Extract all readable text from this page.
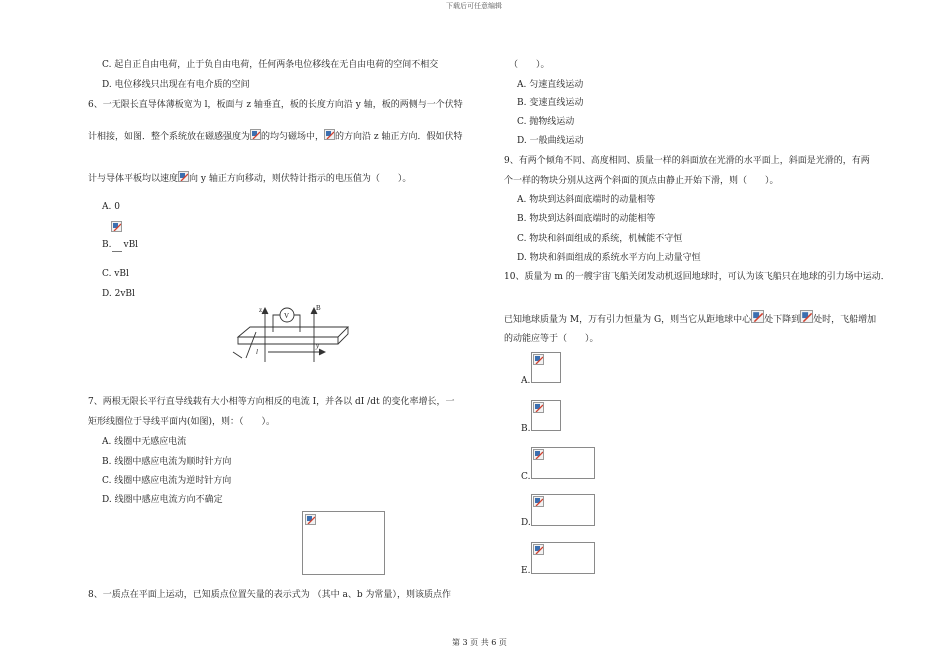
下载后可任意编辑
第 3 页 共 6 页
C. 起自正自由电荷，止于负自由电荷，任何两条电位移线在无自由电荷的空间不相交
D. 电位移线只出现在有电介质的空间
6、一无限长直导体薄板宽为 l，板面与 z 轴垂直，板的长度方向沿 y 轴，板的两侧与一个伏特
计相接，如图．整个系统放在磁感强度为 的均匀磁场中， 的方向沿 z 轴正方向．假如伏特
计与导体平板均以速度 向 y 轴正方向移动，则伏特计指示的电压值为（　　）。
A. 0
B. vBl
C. vBl
D. 2vBl
z	B
V
l
y
7、两根无限长平行直导线载有大小相等方向相反的电流 I，并各以 dI /dt 的变化率增长，一
矩形线圈位于导线平面内(如图)，则：（　　）。
A. 线圈中无感应电流
B. 线圈中感应电流为顺时针方向
C. 线圈中感应电流为逆时针方向
D. 线圈中感应电流方向不确定
8、一质点在平面上运动，已知质点位置矢量的表示式为 （其中 a、b 为常量），则该质点作
（　　）。
A. 匀速直线运动
B. 变速直线运动
C. 抛物线运动
D. 一般曲线运动
9、有两个倾角不同、高度相同、质量一样的斜面放在光滑的水平面上，斜面是光滑的，有两
个一样的物块分别从这两个斜面的顶点由静止开始下滑，则（　　）。
A. 物块到达斜面底端时的动量相等
B. 物块到达斜面底端时的动能相等
C. 物块和斜面组成的系统，机械能不守恒
D. 物块和斜面组成的系统水平方向上动量守恒
10、质量为 m 的一艘宇宙飞船关闭发动机返回地球时，可认为该飞船只在地球的引力场中运动．
已知地球质量为 M，万有引力恒量为 G，则当它从距地球中心 处下降到 处时，飞船增加
的动能应等于（　　）。
A.
B.
C.
D.
E.
